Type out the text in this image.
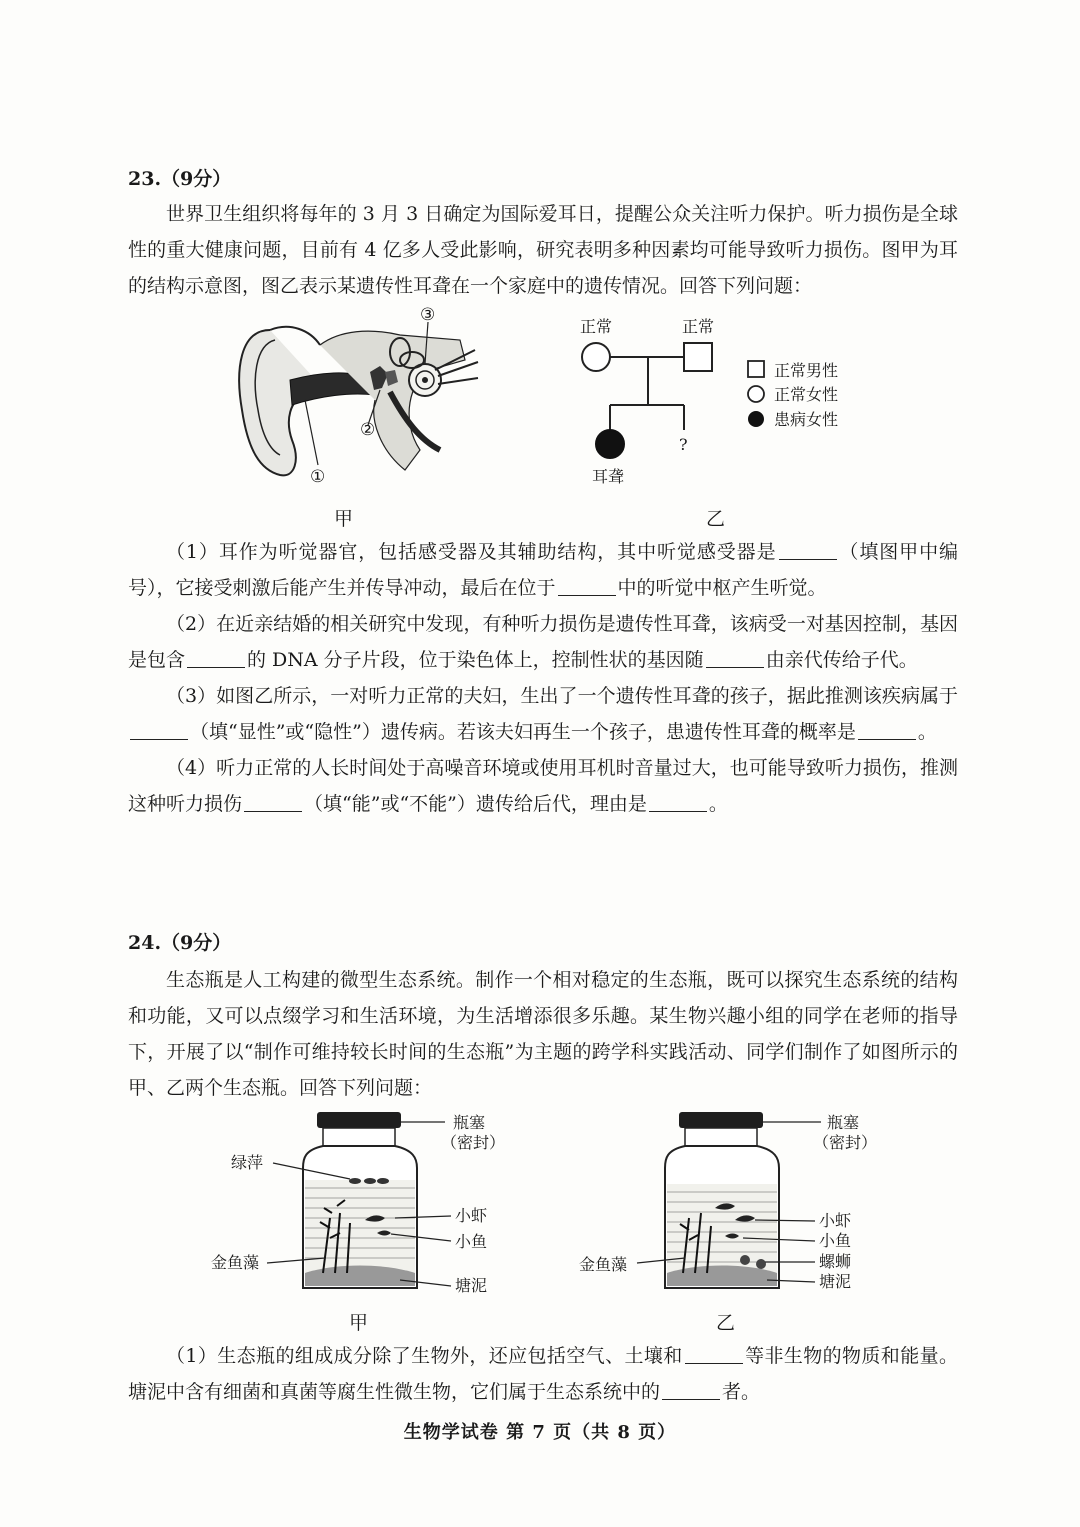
23.（9分）

世界卫生组织将每年的 3 月 3 日确定为国际爱耳日，提醒公众关注听力保护。听力损伤是全球性的重大健康问题，目前有 4 亿多人受此影响，研究表明多种因素均可能导致听力损伤。图甲为耳的结构示意图，图乙表示某遗传性耳聋在一个家庭中的遗传情况。回答下列问题：

①
②
③
甲
正常	正常
?
耳聋
正常男性
正常女性
患病女性
乙

（1）耳作为听觉器官，包括感受器及其辅助结构，其中听觉感受器是	（填图甲中编号），它接受刺激后能产生并传导冲动，最后在位于	中的听觉中枢产生听觉。

（2）在近亲结婚的相关研究中发现，有种听力损伤是遗传性耳聋，该病受一对基因控制，基因是包含	的 DNA 分子片段，位于染色体上，控制性状的基因随	由亲代传给子代。

（3）如图乙所示，一对听力正常的夫妇，生出了一个遗传性耳聋的孩子，据此推测该疾病属于（填“显性”或“隐性”）遗传病。若该夫妇再生一个孩子，患遗传性耳聋的概率是	。

（4）听力正常的人长时间处于高噪音环境或使用耳机时音量过大，也可能导致听力损伤，推测这种听力损伤	（填“能”或“不能”）遗传给后代，理由是	。

24.（9分）

生态瓶是人工构建的微型生态系统。制作一个相对稳定的生态瓶，既可以探究生态系统的结构和功能，又可以点缀学习和生活环境，为生活增添很多乐趣。某生物兴趣小组的同学在老师的指导下，开展了以“制作可维持较长时间的生态瓶”为主题的跨学科实践活动、同学们制作了如图所示的甲、乙两个生态瓶。回答下列问题：

瓶塞
（密封）
绿萍
小虾
小鱼
金鱼藻
塘泥
甲
瓶塞
（密封）
小虾
小鱼
螺蛳
塘泥
金鱼藻
乙

（1）生态瓶的组成成分除了生物外，还应包括空气、土壤和	等非生物的物质和能量。塘泥中含有细菌和真菌等腐生性微生物，它们属于生态系统中的	者。

生物学试卷 第 7 页（共 8 页）
